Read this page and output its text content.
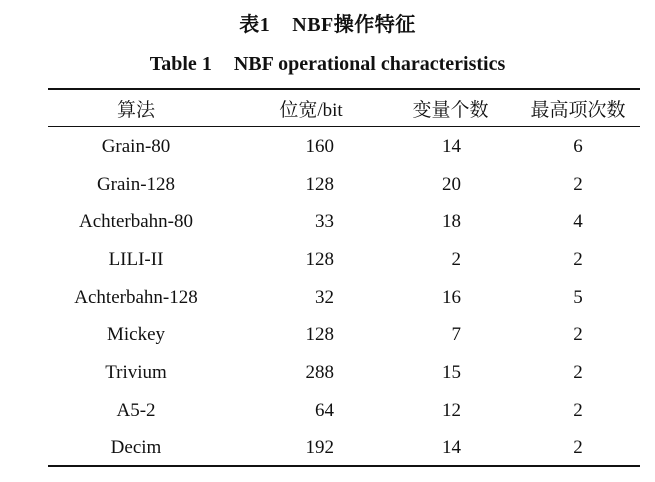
表1 NBF操作特征
Table 1 NBF operational characteristics
算法	位宽/bit	变量个数	最高项次数
Grain-80	160	14	6
Grain-128	128	20	2
Achterbahn-80	33	18	4
LILI-II	128	2	2
Achterbahn-128	32	16	5
Mickey	128	7	2
Trivium	288	15	2
A5-2	64	12	2
Decim	192	14	2
